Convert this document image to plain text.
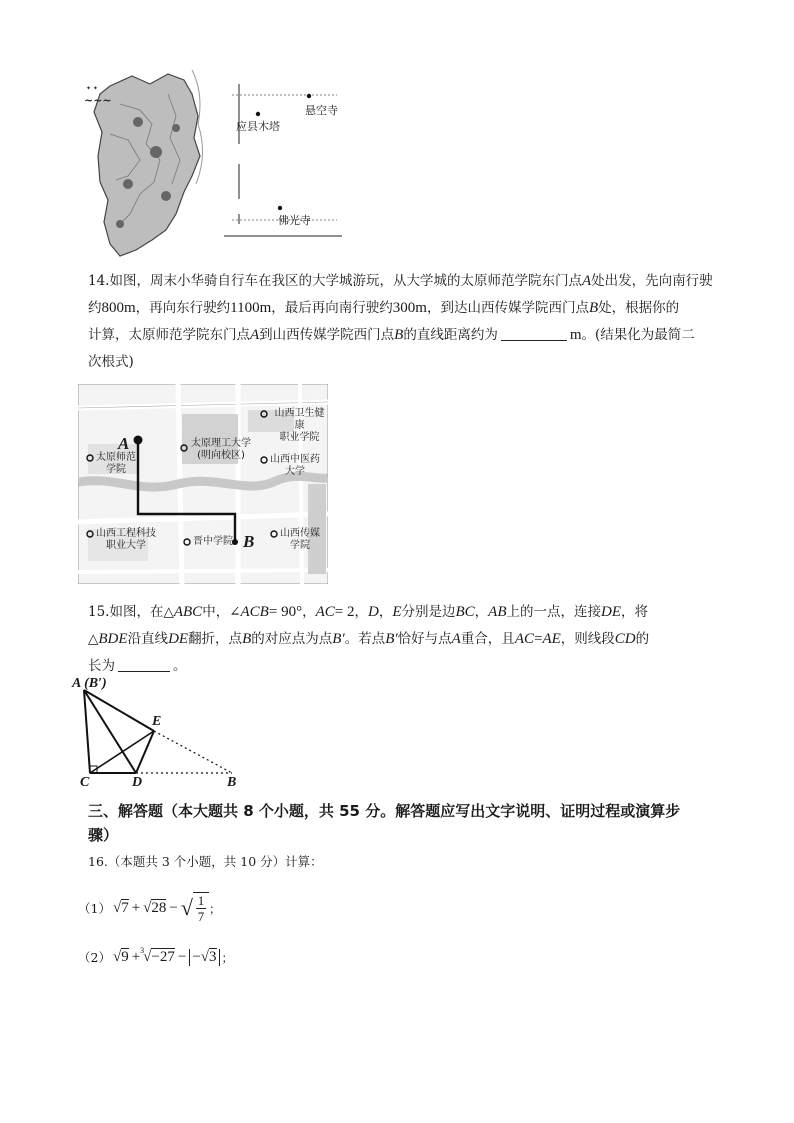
✦ ✦
~~~
悬空寺
应县木塔
佛光寺
14.如图，周末小华骑自行车在我区的大学城游玩，从大学城的太原师范学院东门点A处出发，先向南行驶
约800m，再向东行驶约1100m，最后再向南行驶约300m，到达山西传媒学院西门点B处，根据你的
计算，太原师范学院东门点A到山西传媒学院西门点B的直线距离约为	m。(结果化为最简二
次根式)
A
B
山西卫生健康
职业学院
太原理工大学
(明向校区)
太原师范
学院
山西中医药
大学
山西工程科技
职业大学	晋中学院
山西传媒
学院
15.如图，在△ABC中，∠ACB= 90°，AC= 2，D，E分别是边BC，AB上的一点，连接DE，将
△BDE沿直线DE翻折，点B的对应点为点B′。若点B′恰好与点A重合，且AC=AE，则线段CD的
长为	。
A (B′)
E
C	D	B
三、解答题（本大题共 8 个小题，共 55 分。解答题应写出文字说明、证明过程或演算步
骤）
16.（本题共 3 个小题，共 10 分）计算：
（1） √7 + √28 − √ 1
7
；
（2） √9 + 3 √−27 − −√3 ；
